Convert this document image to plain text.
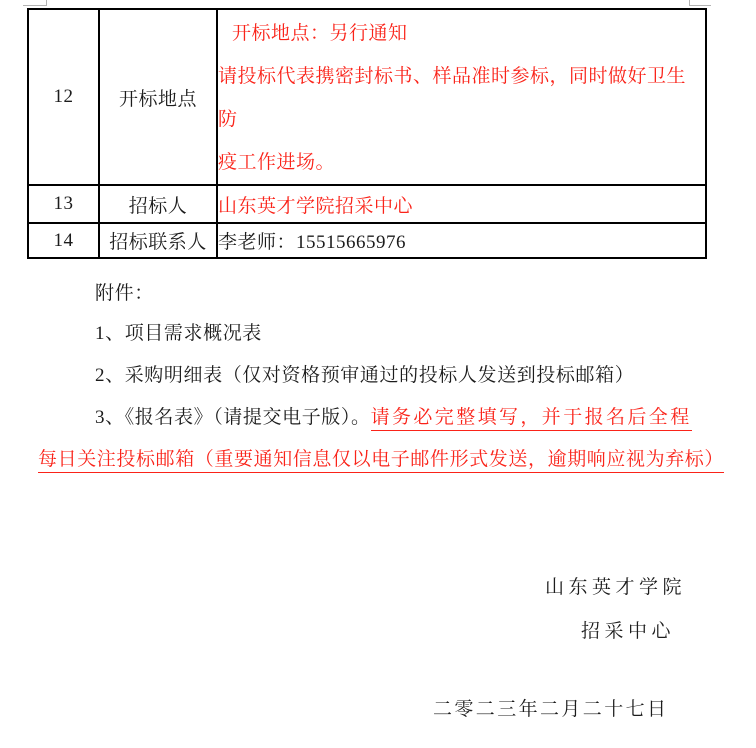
12	开标地点	开标地点：另行通知
请投标代表携密封标书、样品准时参标，同时做好卫生防
疫工作进场。

13	招标人	山东英才学院招采中心
14	招标联系人	李老师：15515665976
附件：
1、项目需求概况表
2、采购明细表（仅对资格预审通过的投标人发送到投标邮箱）
3、《报名表》（请提交电子版）。请务必完整填写，并于报名后全程
每日关注投标邮箱（重要通知信息仅以电子邮件形式发送，逾期响应视为弃标）
山东英才学院
招采中心
二零二三年二月二十七日
